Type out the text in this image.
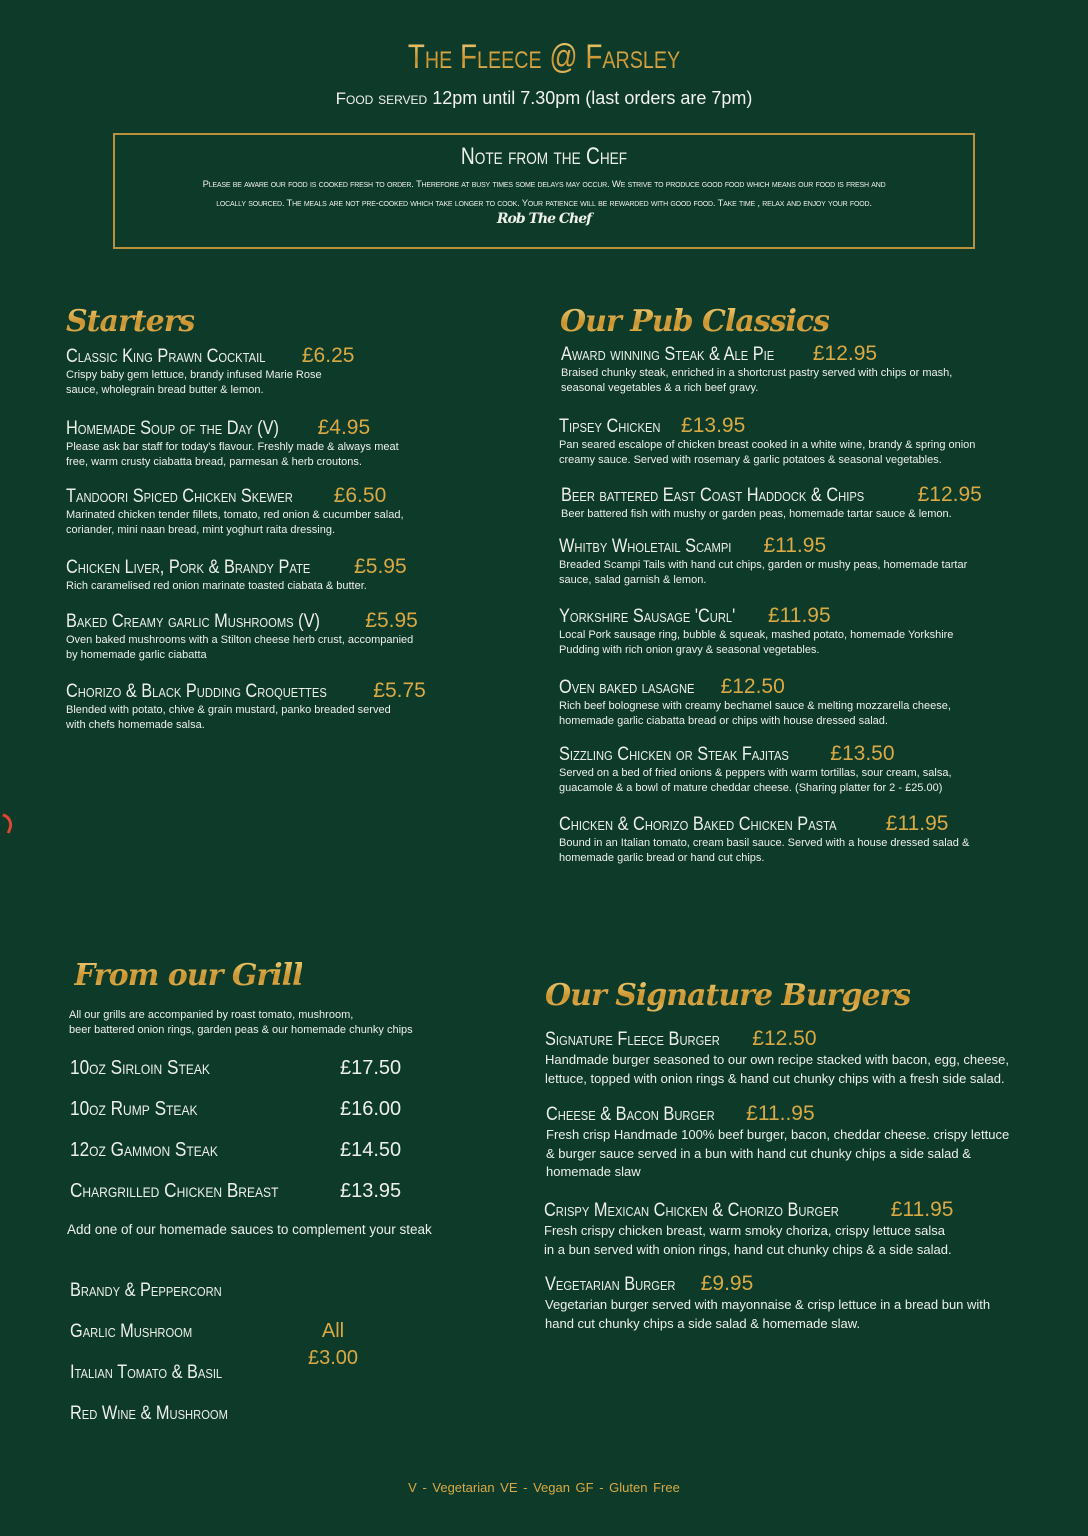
The Fleece @ Farsley
Food served 12pm until 7.30pm (last orders are 7pm)
Note from the Chef
Please be aware our food is cooked fresh to order. Therefore at busy times some delays may occur. We strive to produce good food which means our food is fresh and
locally sourced. The meals are not pre-cooked which take longer to cook. Your patience will be rewarded with good food. Take time , relax and enjoy your food.
Rob The Chef
Starters
Classic King Prawn Cocktail £6.25
Crispy baby gem lettuce, brandy infused Marie Rose
sauce, wholegrain bread butter & lemon.
Homemade Soup of the Day (V) £4.95
Please ask bar staff for today's flavour. Freshly made & always meat
free, warm crusty ciabatta bread, parmesan & herb croutons.
Tandoori Spiced Chicken Skewer £6.50
Marinated chicken tender fillets, tomato, red onion & cucumber salad,
coriander, mini naan bread, mint yoghurt raita dressing.
Chicken Liver, Pork & Brandy Pate £5.95
Rich caramelised red onion marinate toasted ciabata & butter.
Baked Creamy garlic Mushrooms (V) £5.95
Oven baked mushrooms with a Stilton cheese herb crust, accompanied
by homemade garlic ciabatta
Chorizo & Black Pudding Croquettes £5.75
Blended with potato, chive & grain mustard, panko breaded served
with chefs homemade salsa.
Our Pub Classics
Award winning Steak & Ale Pie £12.95
Braised chunky steak, enriched in a shortcrust pastry served with chips or mash,
seasonal vegetables & a rich beef gravy.
Tipsey Chicken £13.95
Pan seared escalope of chicken breast cooked in a white wine, brandy & spring onion
creamy sauce. Served with rosemary & garlic potatoes & seasonal vegetables.
Beer battered East Coast Haddock & Chips	£12.95
Beer battered fish with mushy or garden peas, homemade tartar sauce & lemon.
Whitby Wholetail Scampi £11.95
Breaded Scampi Tails with hand cut chips, garden or mushy peas, homemade tartar
sauce, salad garnish & lemon.
Yorkshire Sausage 'Curl' £11.95
Local Pork sausage ring, bubble & squeak, mashed potato, homemade Yorkshire
Pudding with rich onion gravy & seasonal vegetables.
Oven baked lasagne £12.50
Rich beef bolognese with creamy bechamel sauce & melting mozzarella cheese,
homemade garlic ciabatta bread or chips with house dressed salad.
Sizzling Chicken or Steak Fajitas £13.50
Served on a bed of fried onions & peppers with warm tortillas, sour cream, salsa,
guacamole & a bowl of mature cheddar cheese. (Sharing platter for 2 - £25.00)
Chicken & Chorizo Baked Chicken Pasta £11.95
Bound in an Italian tomato, cream basil sauce. Served with a house dressed salad &
homemade garlic bread or hand cut chips.
From our Grill
All our grills are accompanied by roast tomato, mushroom,
beer battered onion rings, garden peas & our homemade chunky chips
10oz Sirloin Steak	£17.50
10oz Rump Steak	£16.00
12oz Gammon Steak	£14.50
Chargrilled Chicken Breast	£13.95
Add one of our homemade sauces to complement your steak
Brandy & Peppercorn
Garlic Mushroom
Italian Tomato & Basil
Red Wine & Mushroom
All
£3.00
Our Signature Burgers
Signature Fleece Burger £12.50
Handmade burger seasoned to our own recipe stacked with bacon, egg, cheese,
lettuce, topped with onion rings & hand cut chunky chips with a fresh side salad.
Cheese & Bacon Burger £11..95
Fresh crisp Handmade 100% beef burger, bacon, cheddar cheese. crispy lettuce
& burger sauce served in a bun with hand cut chunky chips a side salad &
homemade slaw
Crispy Mexican Chicken & Chorizo Burger £11.95
Fresh crispy chicken breast, warm smoky choriza, crispy lettuce salsa
in a bun served with onion rings, hand cut chunky chips & a side salad.
Vegetarian Burger £9.95
Vegetarian burger served with mayonnaise & crisp lettuce in a bread bun with
hand cut chunky chips a side salad & homemade slaw.
V - Vegetarian VE - Vegan GF - Gluten Free
